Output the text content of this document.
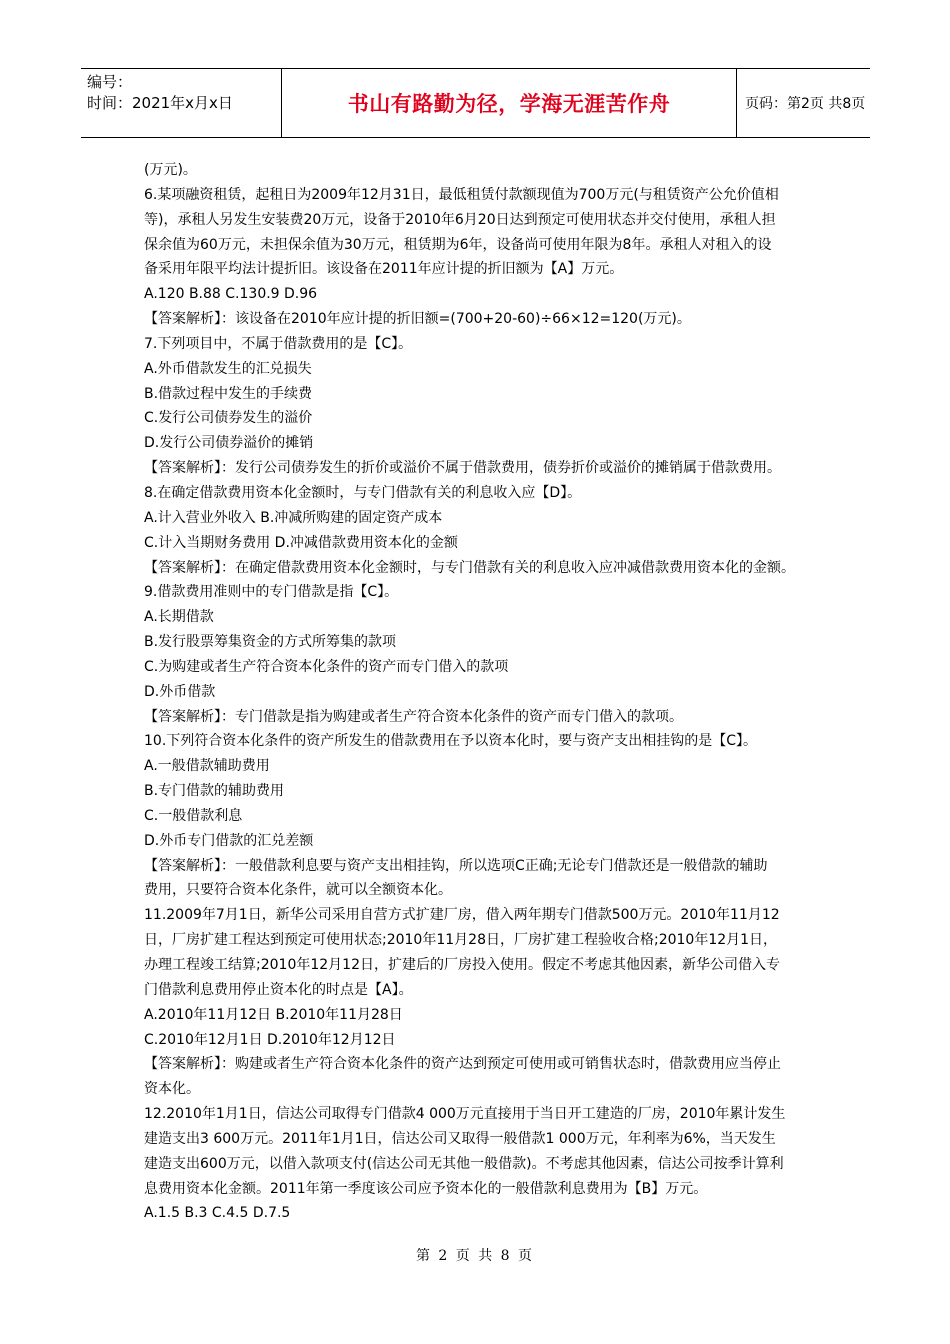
编号：
时间：2021年x月x日	书山有路勤为径，学海无涯苦作舟	页码：第2页 共8页
(万元)。
6.某项融资租赁，起租日为2009年12月31日，最低租赁付款额现值为700万元(与租赁资产公允价值相
等)，承租人另发生安装费20万元，设备于2010年6月20日达到预定可使用状态并交付使用，承租人担
保余值为60万元，未担保余值为30万元，租赁期为6年，设备尚可使用年限为8年。承租人对租入的设
备采用年限平均法计提折旧。该设备在2011年应计提的折旧额为【A】万元。
A.120 B.88 C.130.9 D.96
【答案解析】：该设备在2010年应计提的折旧额=(700+20-60)÷66×12=120(万元)。
7.下列项目中，不属于借款费用的是【C】。
A.外币借款发生的汇兑损失
B.借款过程中发生的手续费
C.发行公司债券发生的溢价
D.发行公司债券溢价的摊销
【答案解析】：发行公司债券发生的折价或溢价不属于借款费用，债券折价或溢价的摊销属于借款费用。
8.在确定借款费用资本化金额时，与专门借款有关的利息收入应【D】。
A.计入营业外收入 B.冲减所购建的固定资产成本
C.计入当期财务费用 D.冲减借款费用资本化的金额
【答案解析】：在确定借款费用资本化金额时，与专门借款有关的利息收入应冲减借款费用资本化的金额。
9.借款费用准则中的专门借款是指【C】。
A.长期借款
B.发行股票筹集资金的方式所筹集的款项
C.为购建或者生产符合资本化条件的资产而专门借入的款项
D.外币借款
【答案解析】：专门借款是指为购建或者生产符合资本化条件的资产而专门借入的款项。
10.下列符合资本化条件的资产所发生的借款费用在予以资本化时，要与资产支出相挂钩的是【C】。
A.一般借款辅助费用
B.专门借款的辅助费用
C.一般借款利息
D.外币专门借款的汇兑差额
【答案解析】：一般借款利息要与资产支出相挂钩，所以选项C正确;无论专门借款还是一般借款的辅助
费用，只要符合资本化条件，就可以全额资本化。
11.2009年7月1日，新华公司采用自营方式扩建厂房，借入两年期专门借款500万元。2010年11月12
日，厂房扩建工程达到预定可使用状态;2010年11月28日，厂房扩建工程验收合格;2010年12月1日，
办理工程竣工结算;2010年12月12日，扩建后的厂房投入使用。假定不考虑其他因素，新华公司借入专
门借款利息费用停止资本化的时点是【A】。
A.2010年11月12日 B.2010年11月28日
C.2010年12月1日 D.2010年12月12日
【答案解析】：购建或者生产符合资本化条件的资产达到预定可使用或可销售状态时，借款费用应当停止
资本化。
12.2010年1月1日，信达公司取得专门借款4 000万元直接用于当日开工建造的厂房，2010年累计发生
建造支出3 600万元。2011年1月1日，信达公司又取得一般借款1 000万元，年利率为6%，当天发生
建造支出600万元，以借入款项支付(信达公司无其他一般借款)。不考虑其他因素，信达公司按季计算利
息费用资本化金额。2011年第一季度该公司应予资本化的一般借款利息费用为【B】万元。
A.1.5 B.3 C.4.5 D.7.5
第 2 页 共 8 页
